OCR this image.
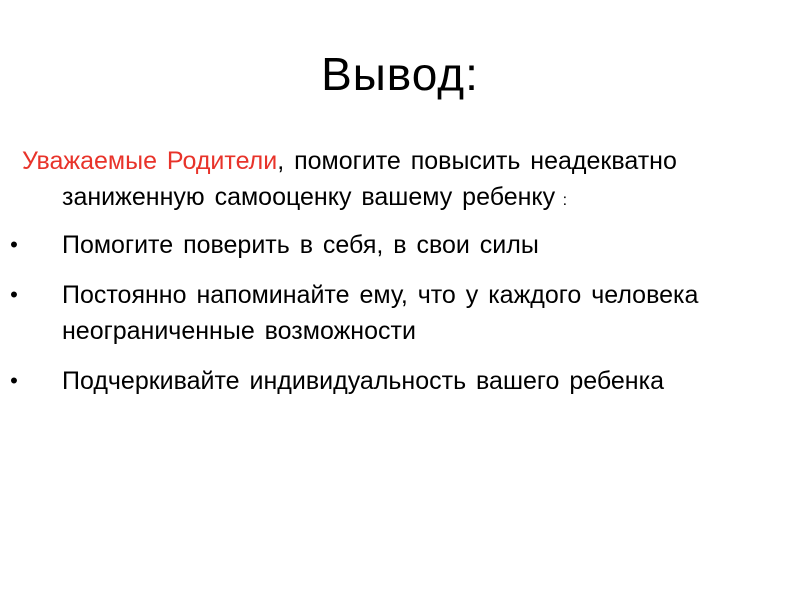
Вывод:

Уважаемые Родители, помогите повысить неадекватно заниженную самооценку вашему ребенку :

• Помогите поверить в себя, в свои силы
• Постоянно напоминайте ему, что у каждого человека неограниченные возможности
• Подчеркивайте индивидуальность вашего ребенка
